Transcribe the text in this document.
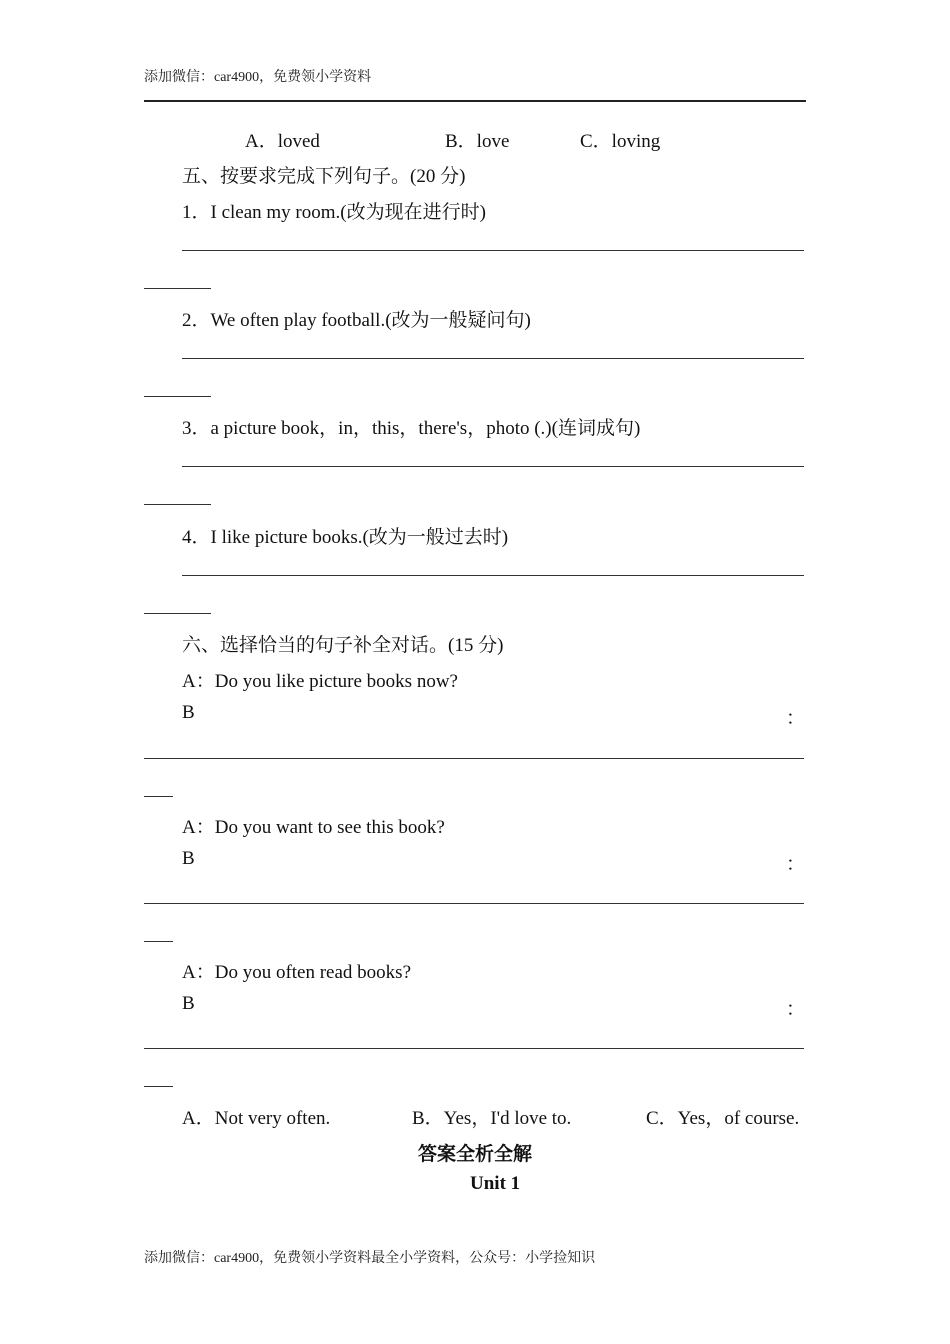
添加微信：car4900，免费领小学资料
A．loved	B．love	C．loving
五、按要求完成下列句子。(20 分)
1．I clean my room.(改为现在进行时)
2．We often play football.(改为一般疑问句)
3．a picture book，in，this，there's，photo (.)(连词成句)
4．I like picture books.(改为一般过去时)
六、选择恰当的句子补全对话。(15 分)
A：Do you like picture books now?
B	：
A：Do you want to see this book?
B	：
A：Do you often read books?
B	：
A．Not very often.	B．Yes，I'd love to.	C．Yes，of course.
答案全析全解
Unit 1
添加微信：car4900，免费领小学资料最全小学资料，公众号：小学捡知识
